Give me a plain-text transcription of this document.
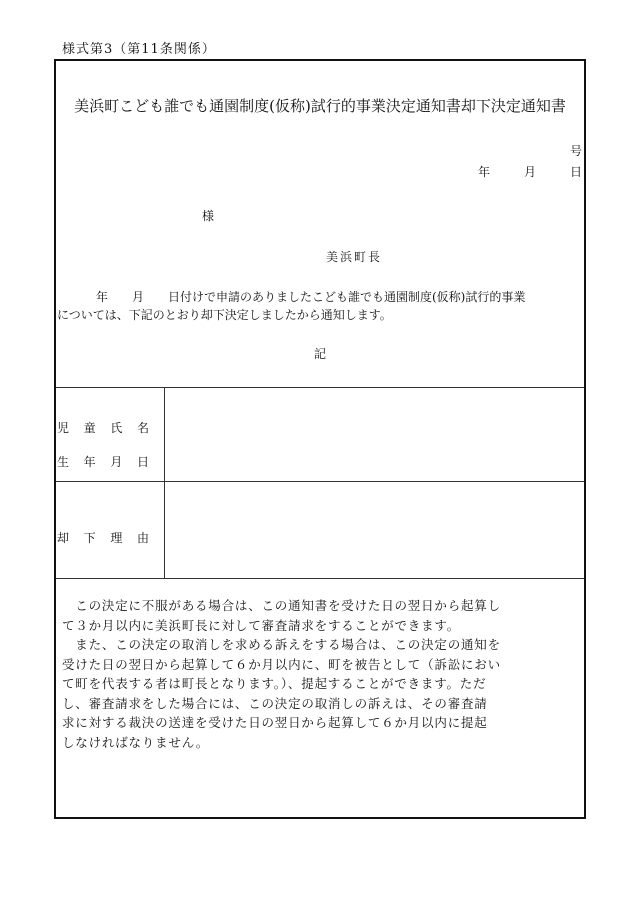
様式第3（第11条関係）
美浜町こども誰でも通園制度(仮称)試行的事業決定通知書却下決定通知書
号
年	月	日
様
美浜町長
年　　月　　日付けで申請のありましたこども誰でも通園制度(仮称)試行的事業
については、下記のとおり却下決定しましたから通知します。
記
児 童 氏 名
生 年 月 日
却 下 理 由
　この決定に不服がある場合は、この通知書を受けた日の翌日から起算し
て３か月以内に美浜町長に対して審査請求をすることができます。
　また、この決定の取消しを求める訴えをする場合は、この決定の通知を
受けた日の翌日から起算して６か月以内に、町を被告として（訴訟におい
て町を代表する者は町長となります。）、提起することができます。ただ
し、審査請求をした場合には、この決定の取消しの訴えは、その審査請
求に対する裁決の送達を受けた日の翌日から起算して６か月以内に提起
しなければなりません。
